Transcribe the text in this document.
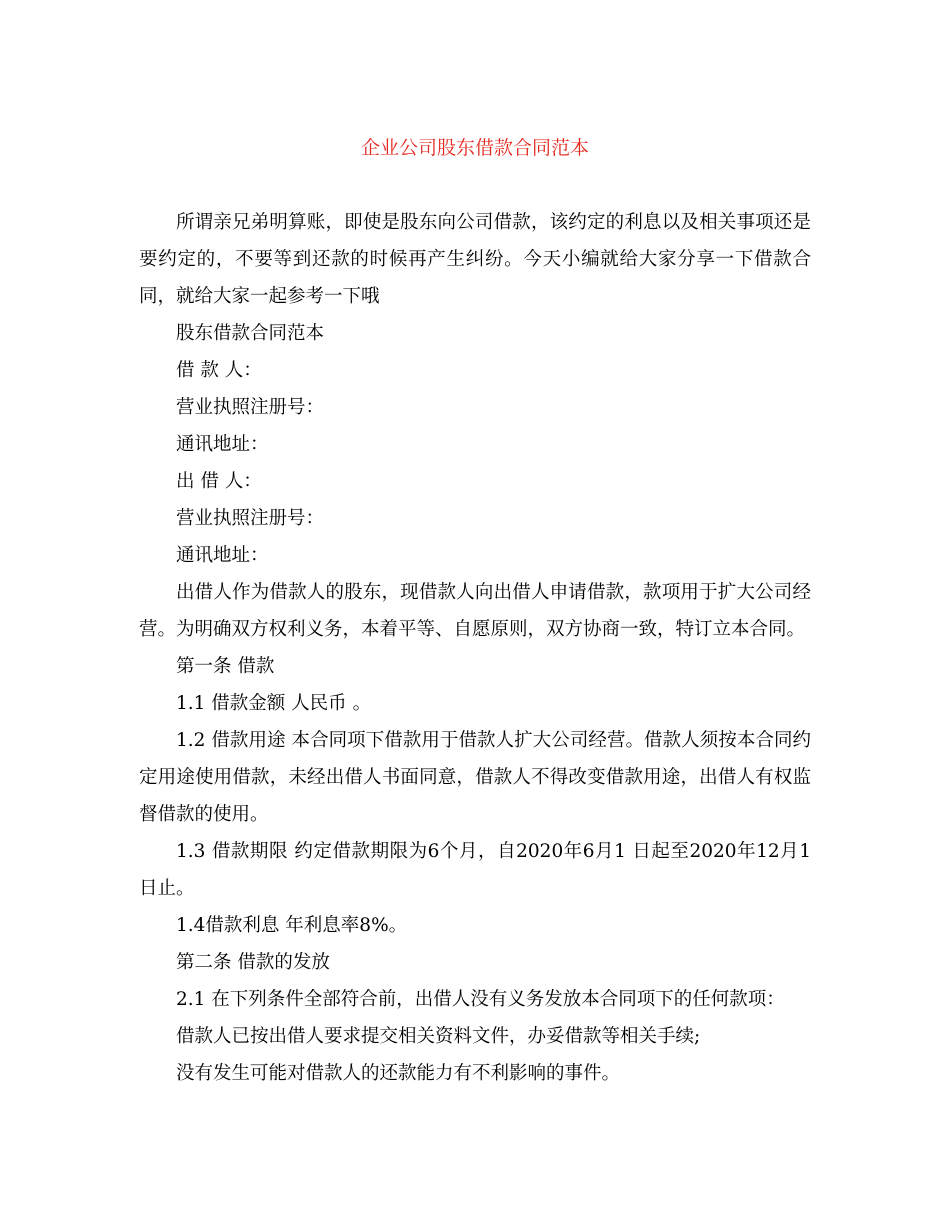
企业公司股东借款合同范本

所谓亲兄弟明算账，即使是股东向公司借款，该约定的利息以及相关事项还是要约定的，不要等到还款的时候再产生纠纷。今天小编就给大家分享一下借款合同，就给大家一起参考一下哦

股东借款合同范本

借 款 人：

营业执照注册号：

通讯地址：

出 借 人：

营业执照注册号：

通讯地址：

出借人作为借款人的股东，现借款人向出借人申请借款，款项用于扩大公司经营。为明确双方权利义务，本着平等、自愿原则，双方协商一致，特订立本合同。

第一条 借款

1.1 借款金额 人民币 。

1.2 借款用途 本合同项下借款用于借款人扩大公司经营。借款人须按本合同约定用途使用借款，未经出借人书面同意，借款人不得改变借款用途，出借人有权监督借款的使用。

1.3 借款期限 约定借款期限为6个月，自2020年6月1 日起至2020年12月1日止。

1.4借款利息 年利息率8%。

第二条 借款的发放

2.1 在下列条件全部符合前，出借人没有义务发放本合同项下的任何款项：

借款人已按出借人要求提交相关资料文件，办妥借款等相关手续;

没有发生可能对借款人的还款能力有不利影响的事件。
